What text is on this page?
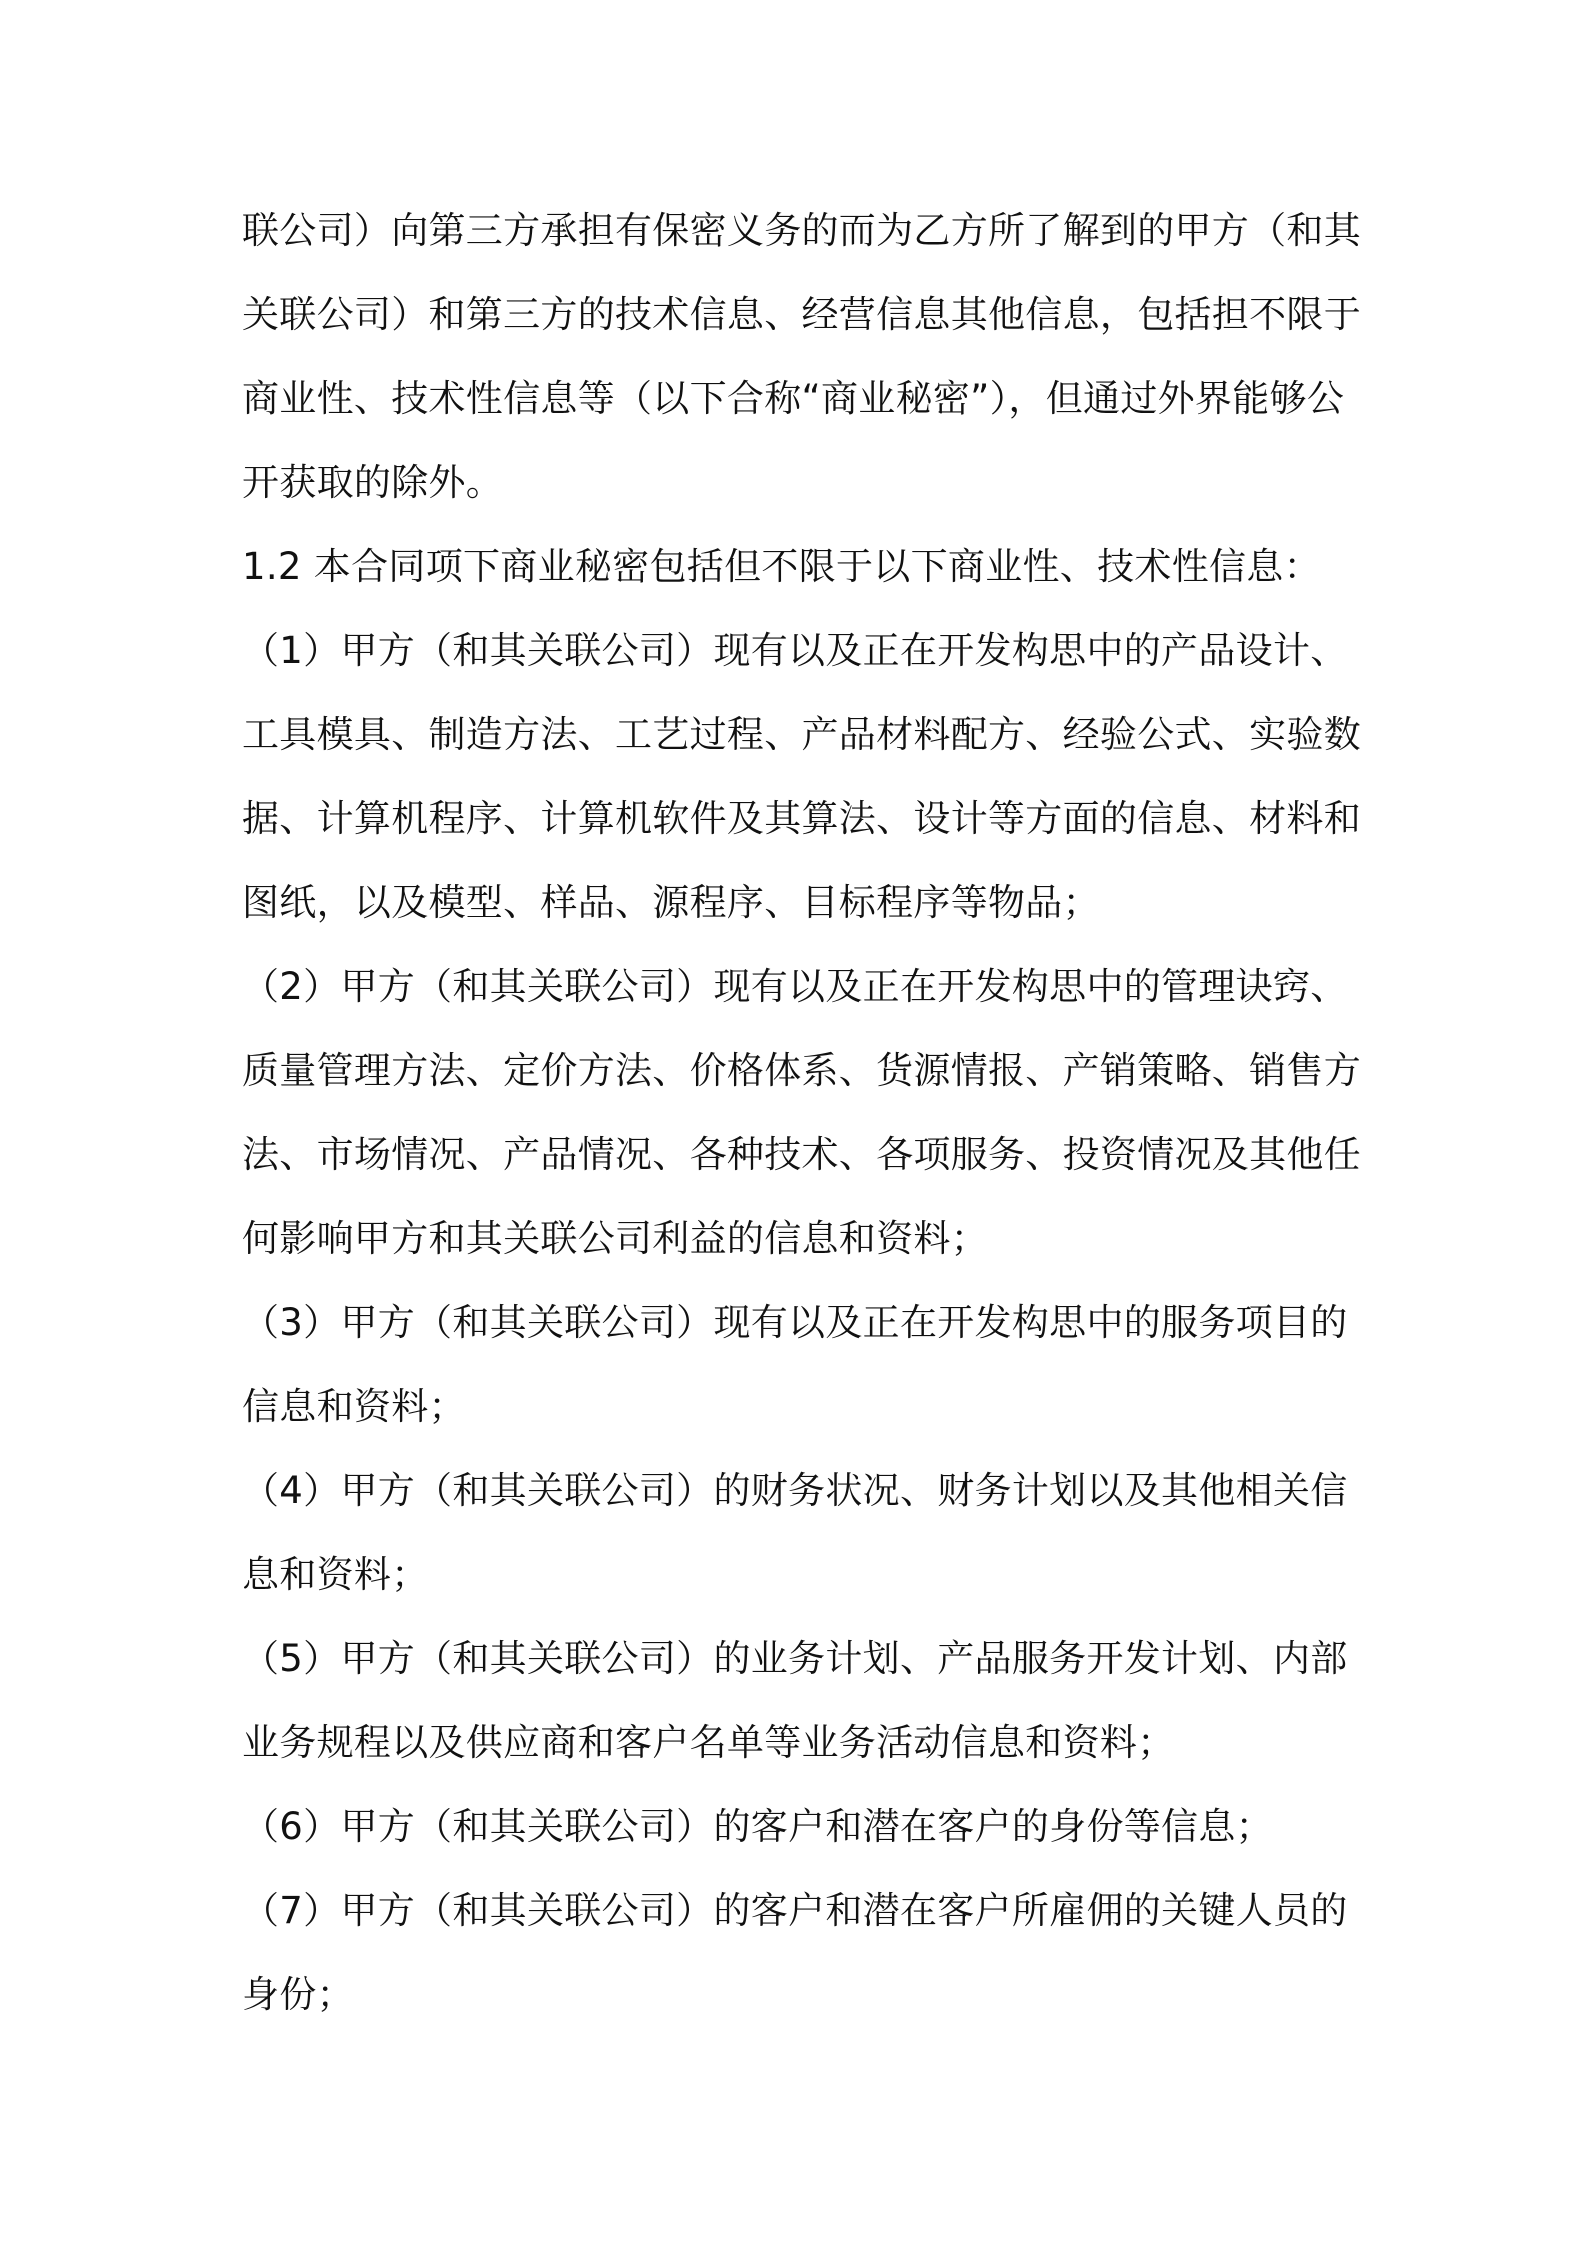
联公司）向第三方承担有保密义务的而为乙方所了解到的甲方（和其
关联公司）和第三方的技术信息、经营信息其他信息，包括担不限于
商业性、技术性信息等（以下合称“商业秘密”），但通过外界能够公
开获取的除外。
1.2 本合同项下商业秘密包括但不限于以下商业性、技术性信息：
（1）甲方（和其关联公司）现有以及正在开发构思中的产品设计、
工具模具、制造方法、工艺过程、产品材料配方、经验公式、实验数
据、计算机程序、计算机软件及其算法、设计等方面的信息、材料和
图纸，以及模型、样品、源程序、目标程序等物品；
（2）甲方（和其关联公司）现有以及正在开发构思中的管理诀窍、
质量管理方法、定价方法、价格体系、货源情报、产销策略、销售方
法、市场情况、产品情况、各种技术、各项服务、投资情况及其他任
何影响甲方和其关联公司利益的信息和资料；
（3）甲方（和其关联公司）现有以及正在开发构思中的服务项目的
信息和资料；
（4）甲方（和其关联公司）的财务状况、财务计划以及其他相关信
息和资料；
（5）甲方（和其关联公司）的业务计划、产品服务开发计划、内部
业务规程以及供应商和客户名单等业务活动信息和资料；
（6）甲方（和其关联公司）的客户和潜在客户的身份等信息；
（7）甲方（和其关联公司）的客户和潜在客户所雇佣的关键人员的
身份；
